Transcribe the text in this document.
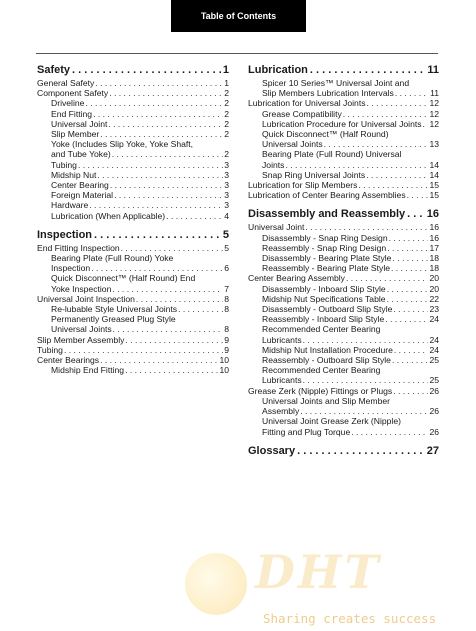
Table of Contents
Safety . . .	1
General Safety . . .	1
Component Safety . . .	2
Driveline . . .	2
End Fitting . . .	2
Universal Joint . . .	2
Slip Member . . .	2
Yoke (Includes Slip Yoke, Yoke Shaft,
and Tube Yoke) . . .	2
Tubing . . .	3
Midship Nut . . .	3
Center Bearing . . .	3
Foreign Material . . .	3
Hardware . . .	3
Lubrication (When Applicable) . . .	4
Inspection . . .	5
End Fitting Inspection . . .	5
Bearing Plate (Full Round) Yoke
Inspection . . .	6
Quick Disconnect™ (Half Round) End
Yoke Inspection . . .	7
Universal Joint Inspection . . .	8
Re-lubable Style Universal Joints . . .	8
Permanently Greased Plug Style
Universal Joints . . .	8
Slip Member Assembly . . .	9
Tubing . . .	9
Center Bearings . . .	10
Midship End Fitting . . .	10
Lubrication . . .	11
Spicer 10 Series™ Universal Joint and
Slip Members Lubrication Intervals . . .	11
Lubrication for Universal Joints . . .	12
Grease Compatibility . . .	12
Lubrication Procedure for Universal Joints . . . 12
Quick Disconnect™ (Half Round)
Universal Joints . . .	13
Bearing Plate (Full Round) Universal
Joints . . .	14
Snap Ring Universal Joints . . .	14
Lubrication for Slip Members . . .	15
Lubrication of Center Bearing Assemblies . . .	15
Disassembly and Reassembly . . . 16
Universal Joint . . .	16
Disassembly - Snap Ring Design . . .	16
Reassembly - Snap Ring Design . . .	17
Disassembly - Bearing Plate Style . . .	18
Reassembly - Bearing Plate Style . . .	18
Center Bearing Assembly . . .	20
Disassembly - Inboard Slip Style . . .	20
Midship Nut Specifications Table . . .	22
Disassembly - Outboard Slip Style . . .	23
Reassembly - Inboard Slip Style . . .	24
Recommended Center Bearing
Lubricants . . .	24
Midship Nut Installation Procedure . . .	24
Reassembly - Outboard Slip Style . . .	25
Recommended Center Bearing
Lubricants . . .	25
Grease Zerk (Nipple) Fittings or Plugs . . .	26
Universal Joints and Slip Member
Assembly . . .	26
Universal Joint Grease Zerk (Nipple)
Fitting and Plug Torque . . .	26
Glossary . . .	27
DHT
Sharing creates success
